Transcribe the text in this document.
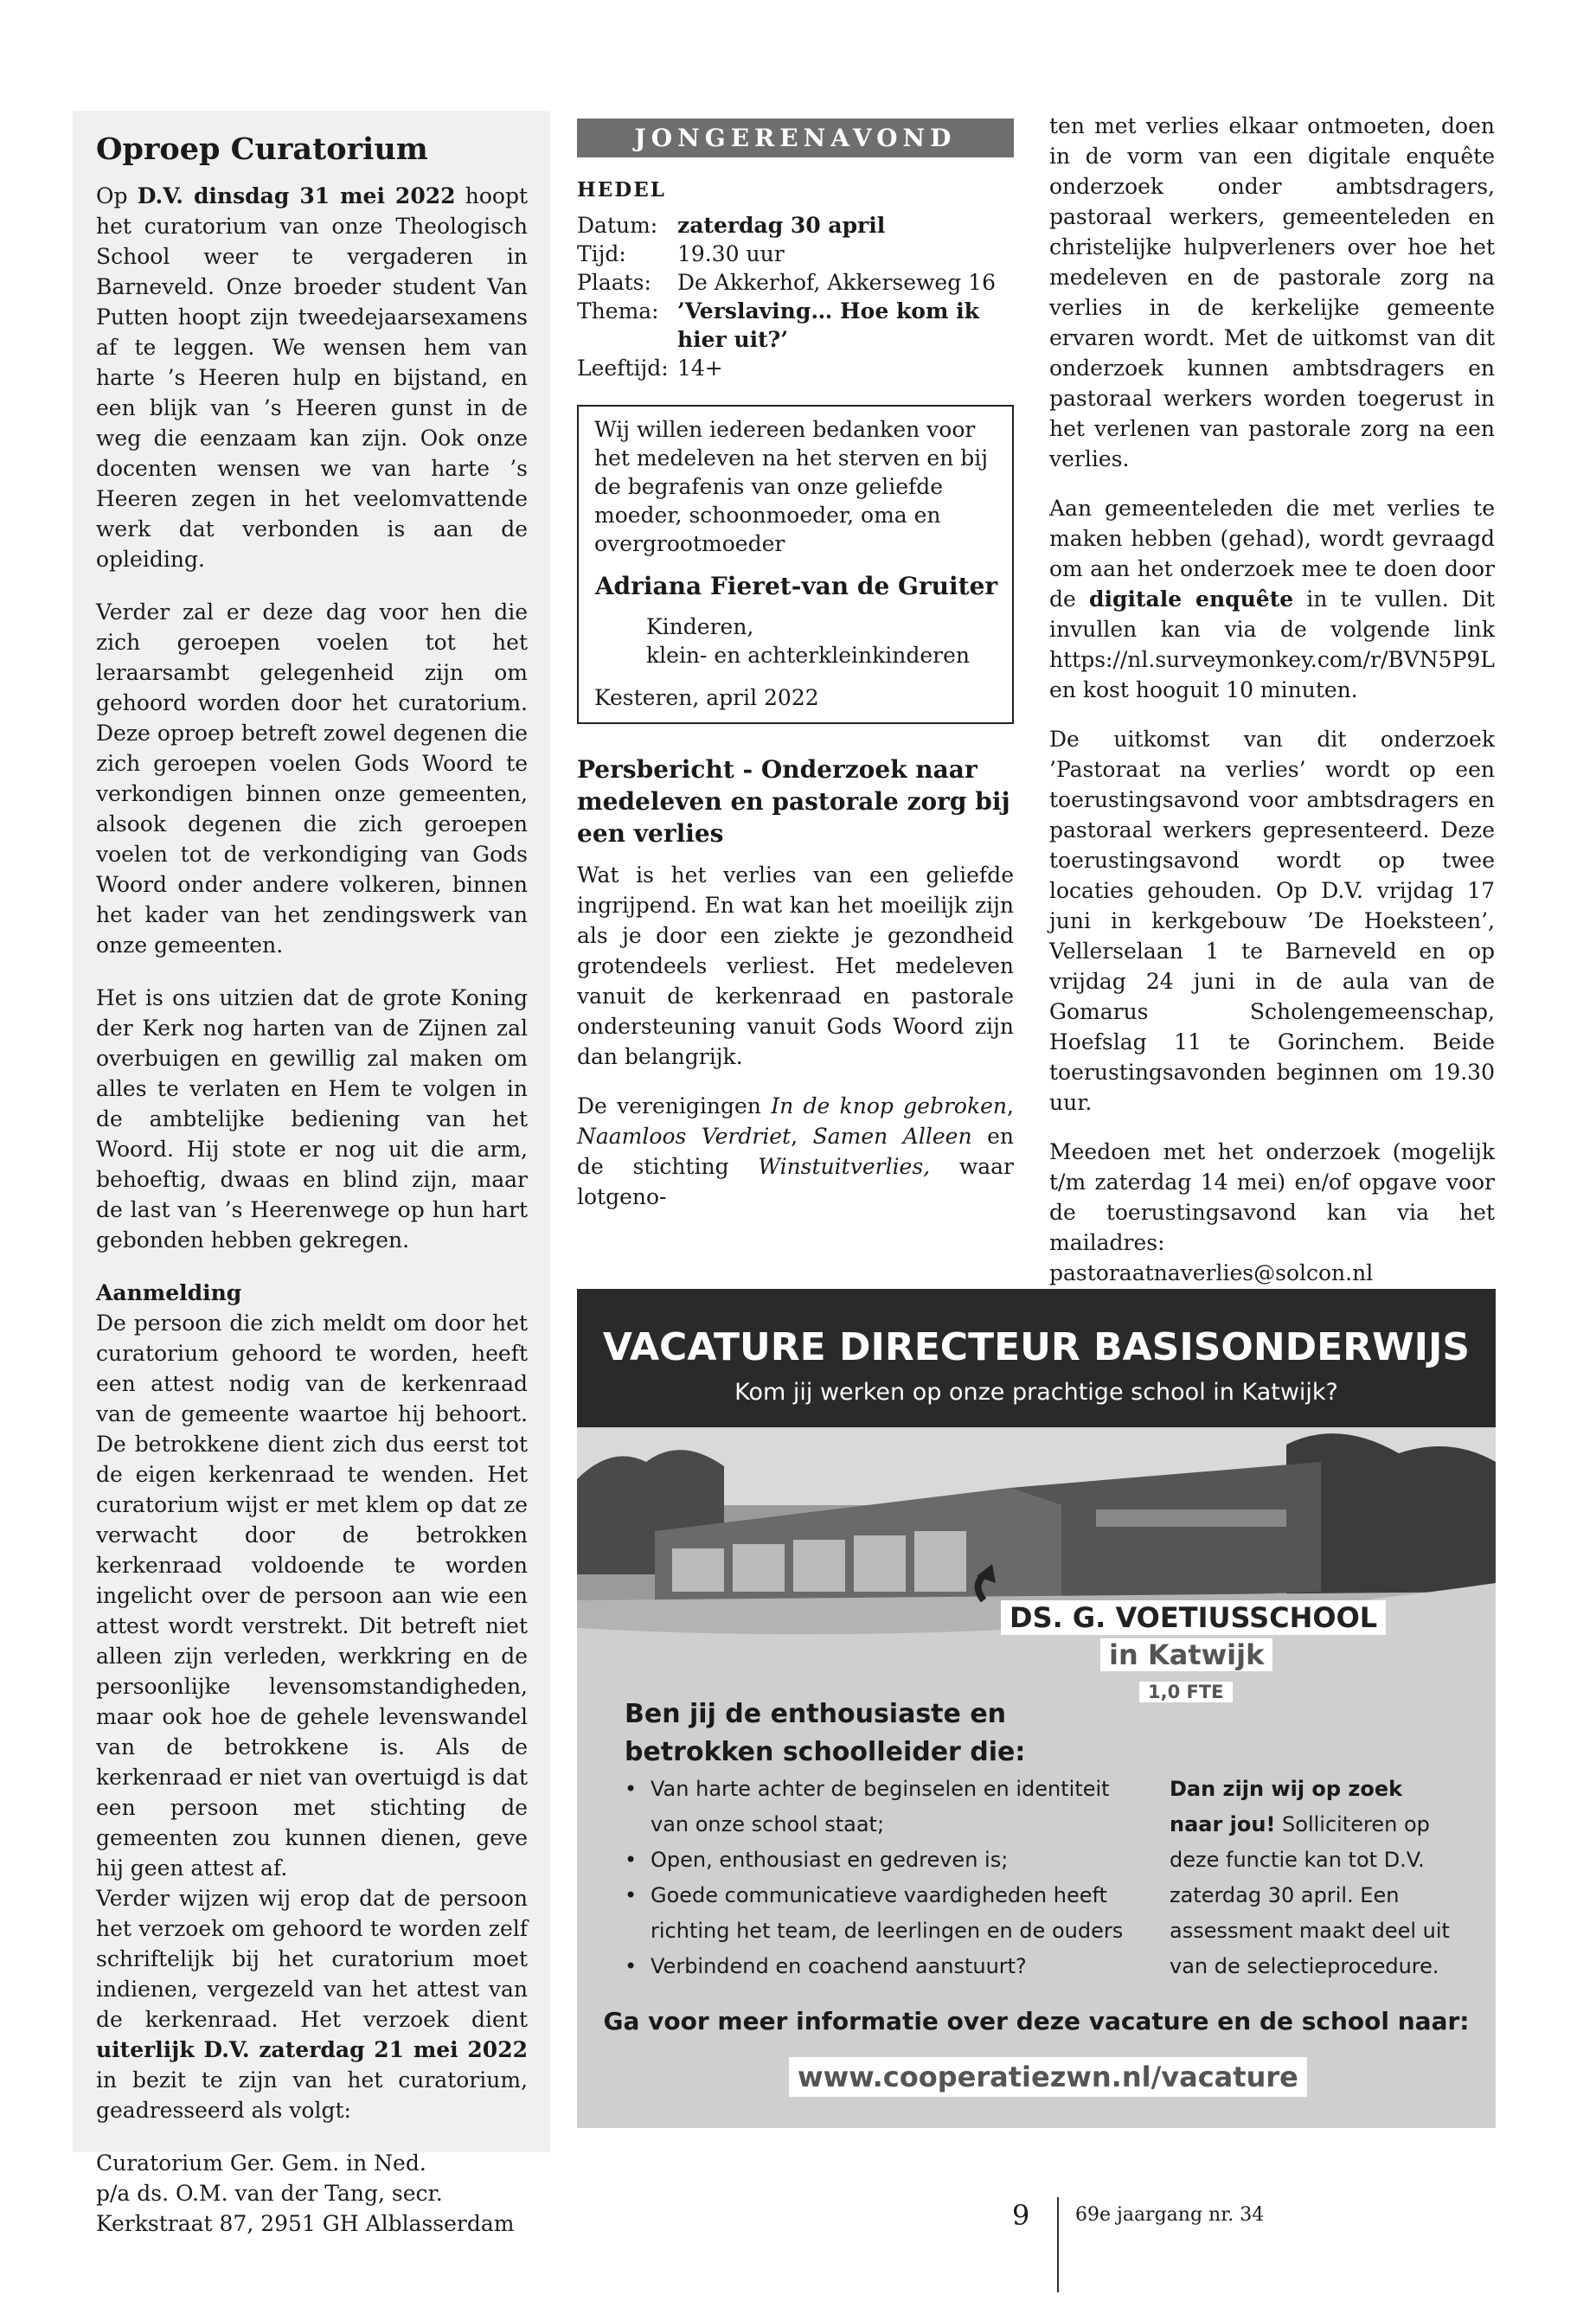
Oproep Curatorium

Op D.V. dinsdag 31 mei 2022 hoopt het curatorium van onze Theologisch School weer te vergaderen in Barneveld. Onze broeder student Van Putten hoopt zijn tweedejaarsexamens af te leggen. We wensen hem van harte ’s Heeren hulp en bijstand, en een blijk van ’s Heeren gunst in de weg die eenzaam kan zijn. Ook onze docenten wensen we van harte ’s Heeren zegen in het veelomvattende werk dat verbonden is aan de opleiding.

Verder zal er deze dag voor hen die zich geroepen voelen tot het leraarsambt gelegenheid zijn om gehoord worden door het curatorium. Deze oproep betreft zowel degenen die zich geroepen voelen Gods Woord te verkondigen binnen onze gemeenten, alsook degenen die zich geroepen voelen tot de verkondiging van Gods Woord onder andere volkeren, binnen het kader van het zendingswerk van onze gemeenten.

Het is ons uitzien dat de grote Koning der Kerk nog harten van de Zijnen zal overbuigen en gewillig zal maken om alles te verlaten en Hem te volgen in de ambtelijke bediening van het Woord. Hij stote er nog uit die arm, behoeftig, dwaas en blind zijn, maar de last van ’s Heerenwege op hun hart gebonden hebben gekregen.

Aanmelding

De persoon die zich meldt om door het curatorium gehoord te worden, heeft een attest nodig van de kerkenraad van de gemeente waartoe hij behoort. De betrokkene dient zich dus eerst tot de eigen kerkenraad te wenden. Het curatorium wijst er met klem op dat ze verwacht door de betrokken kerkenraad voldoende te worden ingelicht over de persoon aan wie een attest wordt verstrekt. Dit betreft niet alleen zijn verleden, werkkring en de persoonlijke levensomstandigheden, maar ook hoe de gehele levenswandel van de betrokkene is. Als de kerkenraad er niet van overtuigd is dat een persoon met stichting de gemeenten zou kunnen dienen, geve hij geen attest af.

Verder wijzen wij erop dat de persoon het verzoek om gehoord te worden zelf schriftelijk bij het curatorium moet indienen, vergezeld van het attest van de kerkenraad. Het verzoek dient uiterlijk D.V. zaterdag 21 mei 2022 in bezit te zijn van het curatorium, geadresseerd als volgt:

Curatorium Ger. Gem. in Ned.

p/a ds. O.M. van der Tang, secr.

Kerkstraat 87, 2951 GH Alblasserdam

JONGERENAVOND
HEDEL
Datum:	zaterdag 30 april
Tijd:	19.30 uur
Plaats:	De Akkerhof, Akkerseweg 16
Thema:	’Verslaving… Hoe kom ik hier uit?’
Leeftijd:	14+

Wij willen iedereen bedanken voor het medeleven na het sterven en bij de begrafenis van onze geliefde moeder, schoonmoeder, oma en overgrootmoeder

Adriana Fieret-van de Gruiter

Kinderen,

klein- en achterkleinkinderen

Kesteren, april 2022

Persbericht - Onderzoek naar medeleven en pastorale zorg bij een verlies

Wat is het verlies van een geliefde ingrijpend. En wat kan het moeilijk zijn als je door een ziekte je gezondheid grotendeels verliest. Het medeleven vanuit de kerkenraad en pastorale ondersteuning vanuit Gods Woord zijn dan belangrijk.

De verenigingen In de knop gebroken, Naamloos Verdriet, Samen Alleen en de stichting Winstuitverlies, waar lotgeno-

ten met verlies elkaar ontmoeten, doen in de vorm van een digitale enquête onderzoek onder ambtsdragers, pastoraal werkers, gemeenteleden en christelijke hulpverleners over hoe het medeleven en de pastorale zorg na verlies in de kerkelijke gemeente ervaren wordt. Met de uitkomst van dit onderzoek kunnen ambtsdragers en pastoraal werkers worden toegerust in het verlenen van pastorale zorg na een verlies.

Aan gemeenteleden die met verlies te maken hebben (gehad), wordt gevraagd om aan het onderzoek mee te doen door de digitale enquête in te vullen. Dit invullen kan via de volgende link https://nl.surveymonkey.com/r/BVN5P9L en kost hooguit 10 minuten.

De uitkomst van dit onderzoek ’Pastoraat na verlies’ wordt op een toerustingsavond voor ambtsdragers en pastoraal werkers gepresenteerd. Deze toerustingsavond wordt op twee locaties gehouden. Op D.V. vrijdag 17 juni in kerkgebouw ’De Hoeksteen’, Vellerselaan 1 te Barneveld en op vrijdag 24 juni in de aula van de Gomarus Scholengemeenschap, Hoefslag 11 te Gorinchem. Beide toerustingsavonden beginnen om 19.30 uur.

Meedoen met het onderzoek (mogelijk t/m zaterdag 14 mei) en/of opgave voor de toerustingsavond kan via het mailadres: pastoraatnaverlies@solcon.nl

VACATURE DIRECTEUR BASISONDERWIJS
Kom jij werken op onze prachtige school in Katwijk?
DS. G. VOETIUSSCHOOL
in Katwijk
1,0 FTE
Ben jij de enthousiaste en
betrokken schoolleider die:
• Van harte achter de beginselen en identiteit van onze school staat;
• Open, enthousiast en gedreven is;
• Goede communicatieve vaardigheden heeft richting het team, de leerlingen en de ouders
• Verbindend en coachend aanstuurt?
Dan zijn wij op zoek naar jou! Solliciteren op deze functie kan tot D.V. zaterdag 30 april. Een assessment maakt deel uit van de selectieprocedure.
Ga voor meer informatie over deze vacature en de school naar:
www.cooperatiezwn.nl/vacature
9 69e jaargang nr. 34
